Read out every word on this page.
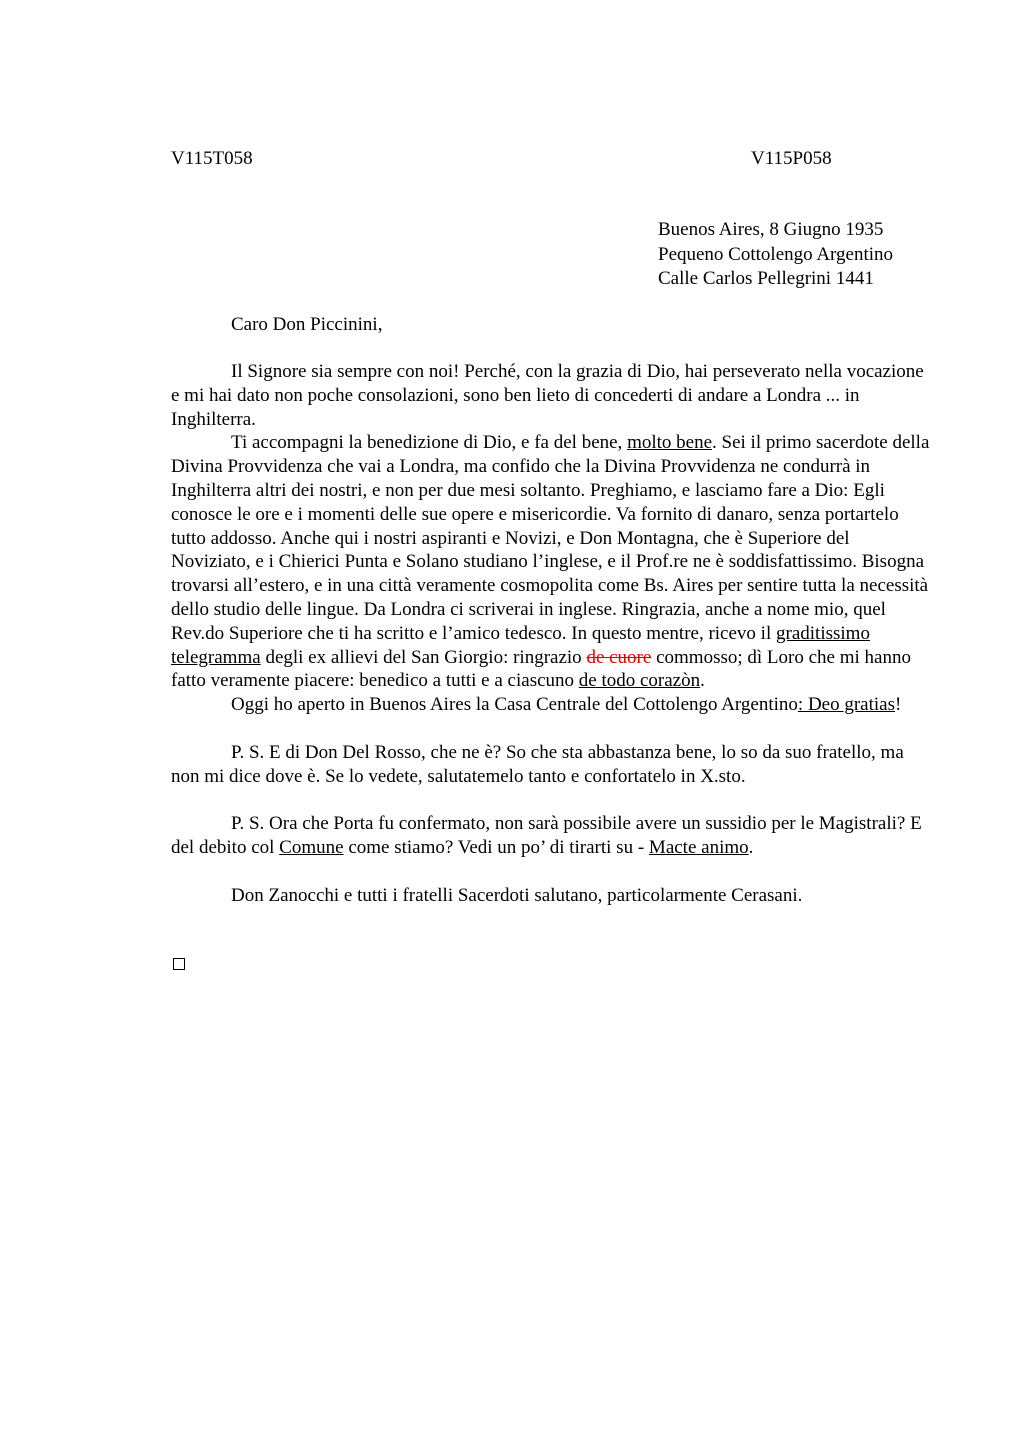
V115T058	V115P058
Buenos Aires, 8 Giugno 1935
Pequeno Cottolengo Argentino
Calle Carlos Pellegrini 1441
Caro Don Piccinini,

Il Signore sia sempre con noi! Perché, con la grazia di Dio, hai perseverato nella vocazione e mi hai dato non poche consolazioni, sono ben lieto di concederti di andare a Londra ... in Inghilterra.

Ti accompagni la benedizione di Dio, e fa del bene, molto bene. Sei il primo sacerdote della Divina Provvidenza che vai a Londra, ma confido che la Divina Provvidenza ne condurrà in Inghilterra altri dei nostri, e non per due mesi soltanto. Preghiamo, e lasciamo fare a Dio: Egli conosce le ore e i momenti delle sue opere e misericordie. Va fornito di danaro, senza portartelo tutto addosso. Anche qui i nostri aspiranti e Novizi, e Don Montagna, che è Superiore del Noviziato, e i Chierici Punta e Solano studiano l’inglese, e il Prof.re ne è soddisfattissimo. Bisogna trovarsi all’estero, e in una città veramente cosmopolita come Bs. Aires per sentire tutta la necessità dello studio delle lingue. Da Londra ci scriverai in inglese. Ringrazia, anche a nome mio, quel Rev.do Superiore che ti ha scritto e l’amico tedesco. In questo mentre, ricevo il graditissimo telegramma degli ex allievi del San Giorgio: ringrazio de cuore commosso; dì Loro che mi hanno fatto veramente piacere: benedico a tutti e a ciascuno de todo corazòn.

Oggi ho aperto in Buenos Aires la Casa Centrale del Cottolengo Argentino: Deo gratias!

P. S. E di Don Del Rosso, che ne è? So che sta abbastanza bene, lo so da suo fratello, ma non mi dice dove è. Se lo vedete, salutatemelo tanto e confortatelo in X.sto.

P. S. Ora che Porta fu confermato, non sarà possibile avere un sussidio per le Magistrali? E del debito col Comune come stiamo? Vedi un po’ di tirarti su - Macte animo.

Don Zanocchi e tutti i fratelli Sacerdoti salutano, particolarmente Cerasani.
